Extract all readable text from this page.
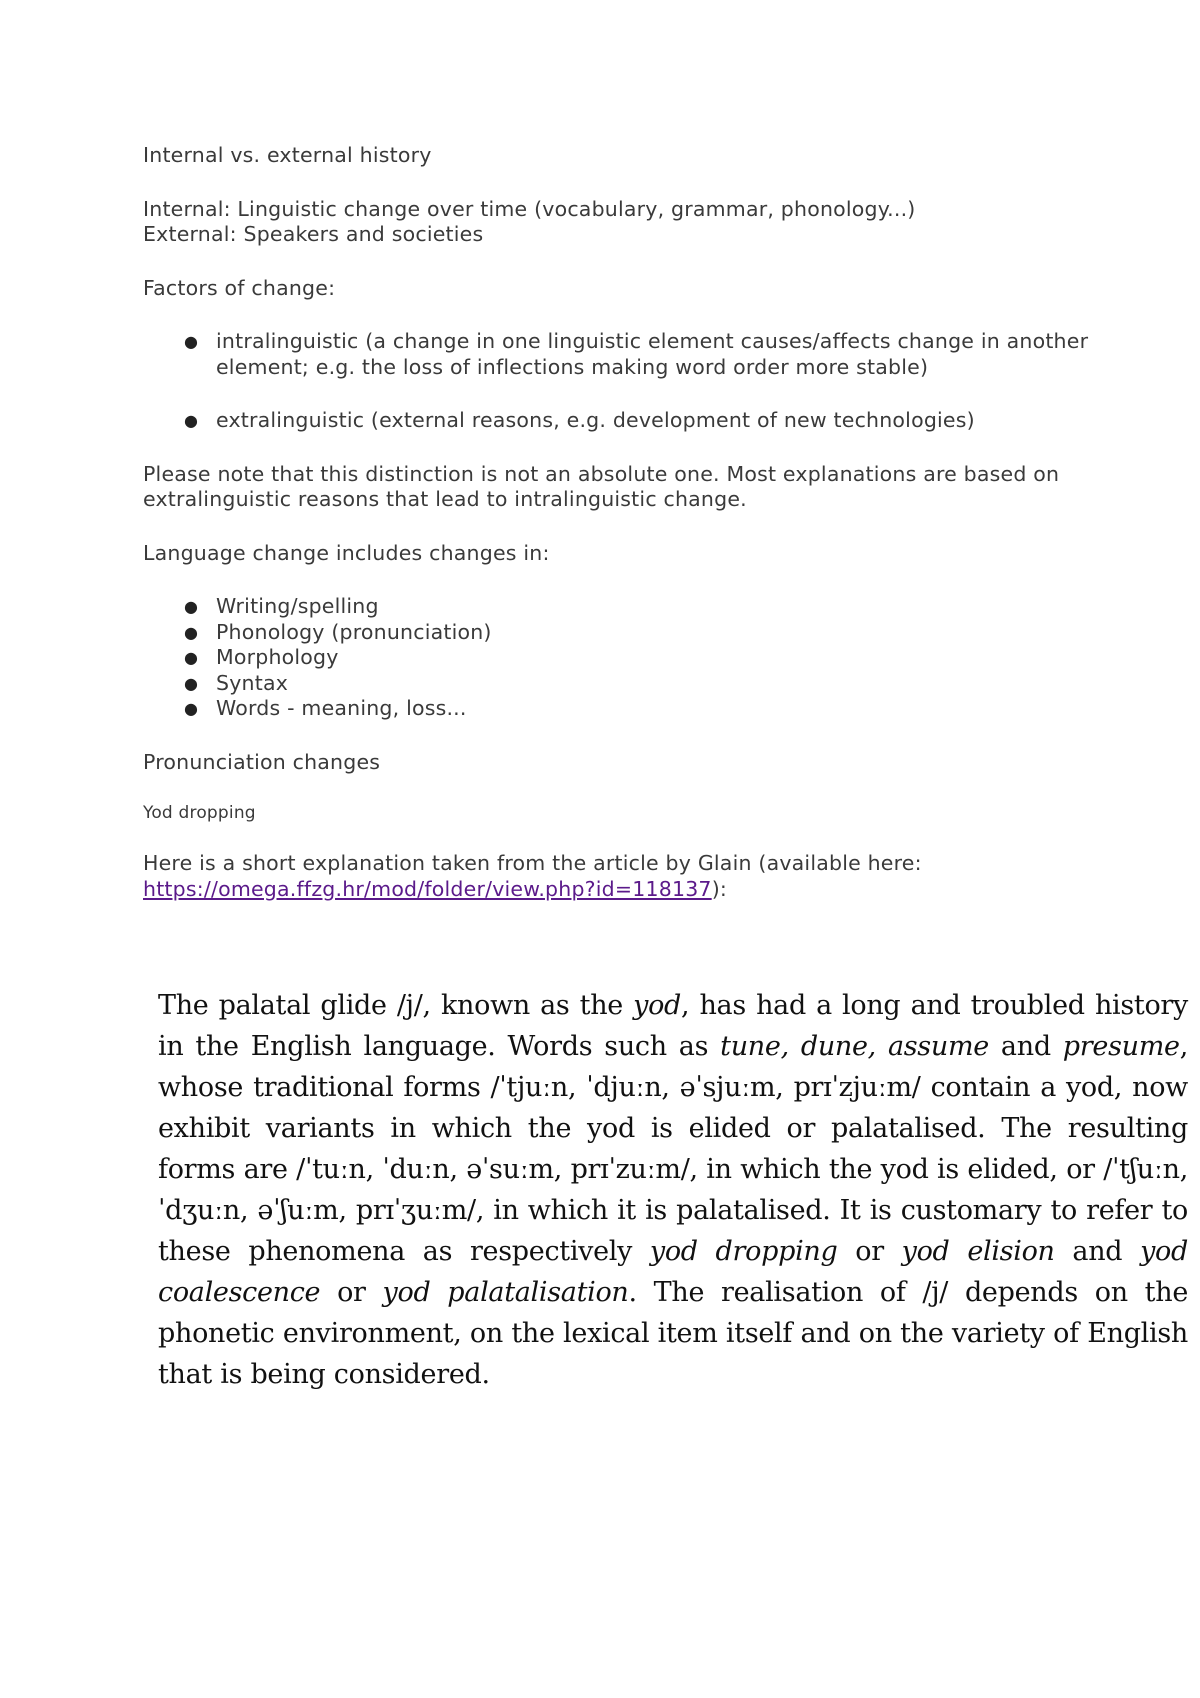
Internal vs. external history

Internal: Linguistic change over time (vocabulary, grammar, phonology...)

External: Speakers and societies

Factors of change:

● intralinguistic (a change in one linguistic element causes/affects change in another element; e.g. the loss of inflections making word order more stable)
● extralinguistic (external reasons, e.g. development of new technologies)

Please note that this distinction is not an absolute one. Most explanations are based on extralinguistic reasons that lead to intralinguistic change.

Language change includes changes in:

● Writing/spelling
● Phonology (pronunciation)
● Morphology
● Syntax
● Words - meaning, loss...

Pronunciation changes

Yod dropping

Here is a short explanation taken from the article by Glain (available here: https://omega.ffzg.hr/mod/folder/view.php?id=118137):

The palatal glide /j/, known as the yod, has had a long and troubled history in the English language. Words such as tune, dune, assume and presume, whose traditional forms /ˈtjuːn, ˈdjuːn, əˈsjuːm, prɪˈzjuːm/ contain a yod, now exhibit variants in which the yod is elided or palatalised. The resulting forms are /ˈtuːn, ˈduːn, əˈsuːm, prɪˈzuːm/, in which the yod is elided, or /ˈtʃuːn, ˈdʒuːn, əˈʃuːm, prɪˈʒuːm/, in which it is palatalised. It is customary to refer to these phenomena as respectively yod dropping or yod elision and yod coalescence or yod palatalisation. The realisation of /j/ depends on the phonetic environment, on the lexical item itself and on the variety of English that is being considered.
